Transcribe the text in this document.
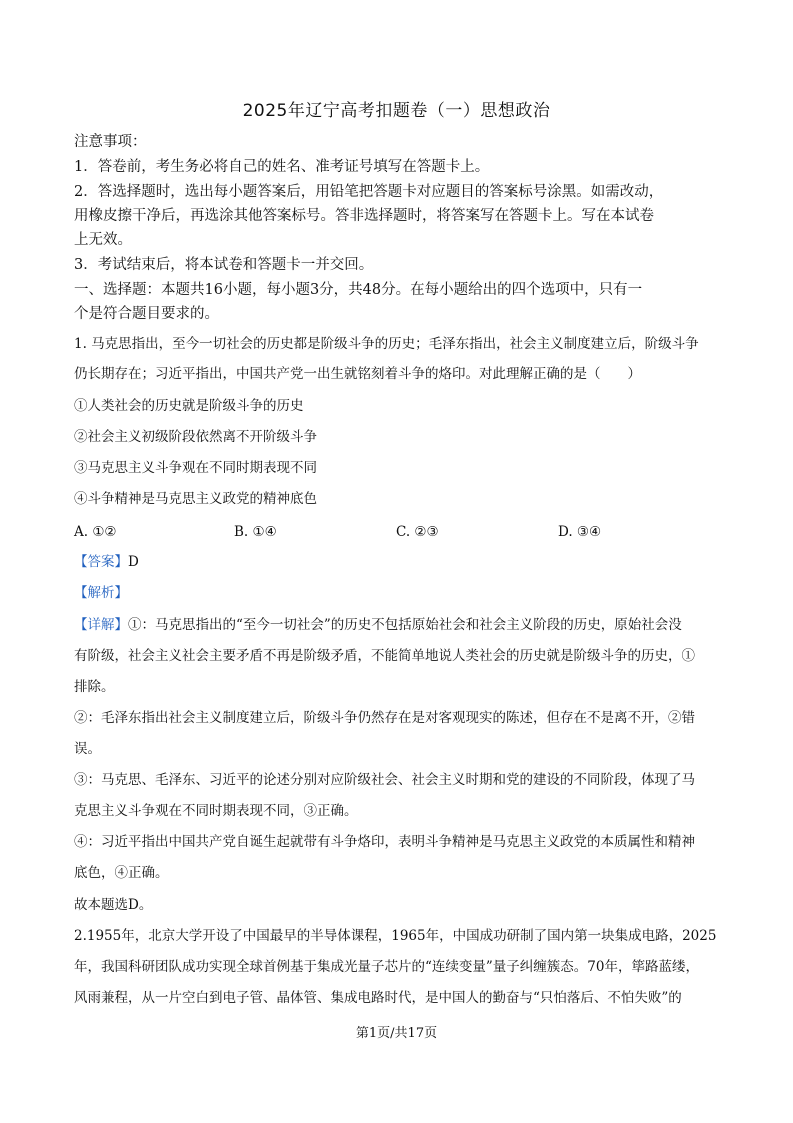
2025年辽宁高考扣题卷（一）思想政治
注意事项：
1．答卷前，考生务必将自己的姓名、准考证号填写在答题卡上。
2．答选择题时，选出每小题答案后，用铅笔把答题卡对应题目的答案标号涂黑。如需改动，
用橡皮擦干净后，再选涂其他答案标号。答非选择题时，将答案写在答题卡上。写在本试卷
上无效。
3．考试结束后，将本试卷和答题卡一并交回。
一、选择题：本题共16小题，每小题3分，共48分。在每小题给出的四个选项中，只有一
个是符合题目要求的。
1. 马克思指出，至今一切社会的历史都是阶级斗争的历史；毛泽东指出，社会主义制度建立后，阶级斗争
仍长期存在；习近平指出，中国共产党一出生就铭刻着斗争的烙印。对此理解正确的是（　　）
①人类社会的历史就是阶级斗争的历史
②社会主义初级阶段依然离不开阶级斗争
③马克思主义斗争观在不同时期表现不同
④斗争精神是马克思主义政党的精神底色
A. ①②	B. ①④	C. ②③	D. ③④
【答案】D
【解析】
【详解】①：马克思指出的“至今一切社会”的历史不包括原始社会和社会主义阶段的历史，原始社会没
有阶级，社会主义社会主要矛盾不再是阶级矛盾，不能简单地说人类社会的历史就是阶级斗争的历史，①
排除。
②：毛泽东指出社会主义制度建立后，阶级斗争仍然存在是对客观现实的陈述，但存在不是离不开，②错
误。
③：马克思、毛泽东、习近平的论述分别对应阶级社会、社会主义时期和党的建设的不同阶段，体现了马
克思主义斗争观在不同时期表现不同，③正确。
④：习近平指出中国共产党自诞生起就带有斗争烙印，表明斗争精神是马克思主义政党的本质属性和精神
底色，④正确。
故本题选D。
2.1955年，北京大学开设了中国最早的半导体课程，1965年，中国成功研制了国内第一块集成电路，2025
年，我国科研团队成功实现全球首例基于集成光量子芯片的“连续变量”量子纠缠簇态。70年，筚路蓝缕，
风雨兼程，从一片空白到电子管、晶体管、集成电路时代，是中国人的勤奋与“只怕落后、不怕失败”的
第1页/共17页
